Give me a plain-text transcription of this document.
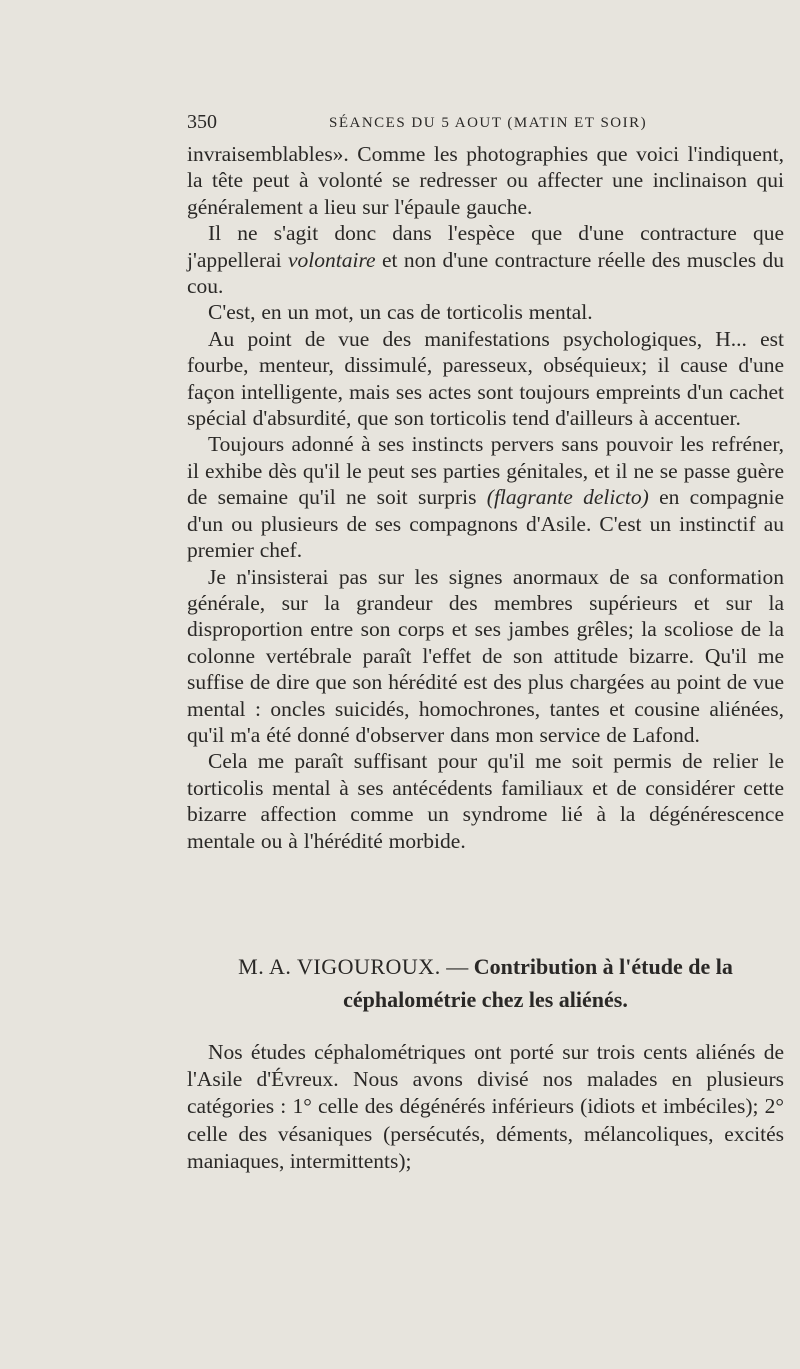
350	SÉANCES DU 5 AOUT (MATIN ET SOIR)

invraisemblables». Comme les photographies que voici l'indiquent, la tête peut à volonté se redresser ou affecter une inclinaison qui généralement a lieu sur l'épaule gauche.

Il ne s'agit donc dans l'espèce que d'une contracture que j'appellerai volontaire et non d'une contracture réelle des muscles du cou.

C'est, en un mot, un cas de torticolis mental.

Au point de vue des manifestations psychologiques, H... est fourbe, menteur, dissimulé, paresseux, obséquieux; il cause d'une façon intelligente, mais ses actes sont toujours empreints d'un cachet spécial d'absurdité, que son torticolis tend d'ailleurs à accentuer.

Toujours adonné à ses instincts pervers sans pouvoir les refréner, il exhibe dès qu'il le peut ses parties génitales, et il ne se passe guère de semaine qu'il ne soit surpris (flagrante delicto) en compagnie d'un ou plusieurs de ses compagnons d'Asile. C'est un instinctif au premier chef.

Je n'insisterai pas sur les signes anormaux de sa conformation générale, sur la grandeur des membres supérieurs et sur la disproportion entre son corps et ses jambes grêles; la scoliose de la colonne vertébrale paraît l'effet de son attitude bizarre. Qu'il me suffise de dire que son hérédité est des plus chargées au point de vue mental : oncles suicidés, homochrones, tantes et cousine aliénées, qu'il m'a été donné d'observer dans mon service de Lafond.

Cela me paraît suffisant pour qu'il me soit permis de relier le torticolis mental à ses antécédents familiaux et de considérer cette bizarre affection comme un syndrome lié à la dégénérescence mentale ou à l'hérédité morbide.

M. A. VIGOUROUX. — Contribution à l'étude de la céphalométrie chez les aliénés.

Nos études céphalométriques ont porté sur trois cents aliénés de l'Asile d'Évreux. Nous avons divisé nos malades en plusieurs catégories : 1° celle des dégénérés inférieurs (idiots et imbéciles); 2° celle des vésaniques (persécutés, déments, mélancoliques, excités maniaques, intermittents);
